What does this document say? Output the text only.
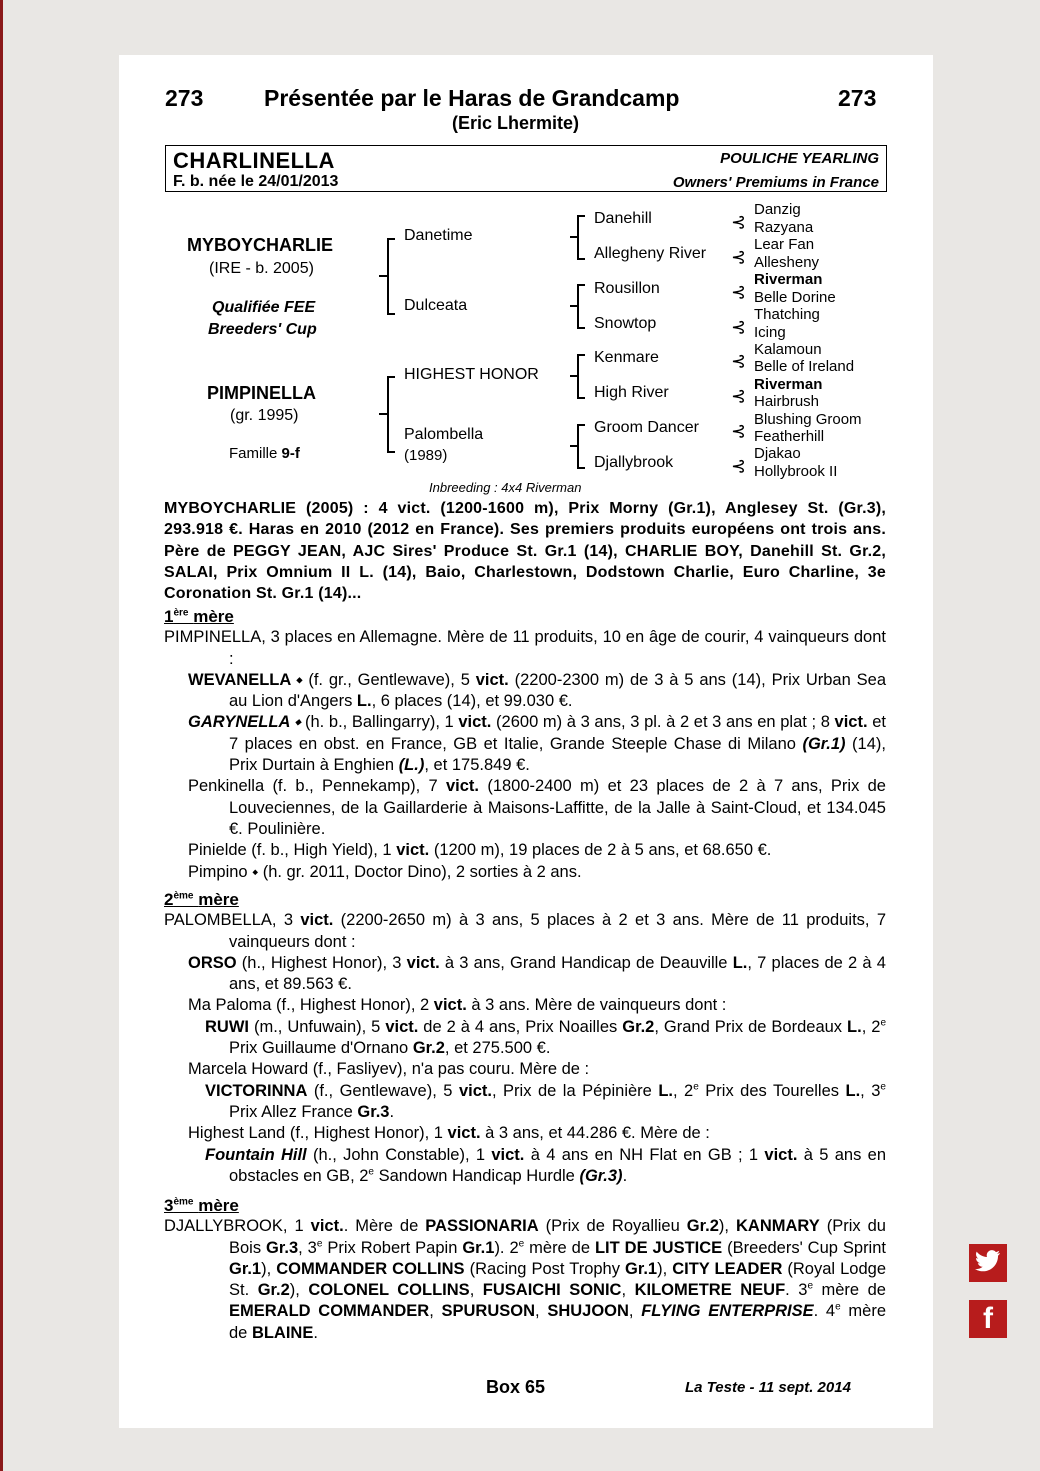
273	Présentée par le Haras de Grandcamp	273
(Eric Lhermite)
CHARLINELLA	POULICHE YEARLING
F. b. née le 24/01/2013	Owners' Premiums in France
MYBOYCHARLIE
(IRE - b. 2005)
Qualifiée FEE
Breeders' Cup
PIMPINELLA
(gr. 1995)
Famille 9-f
Danetime
Dulceata
HIGHEST HONOR
Palombella
(1989)
Danehill
Allegheny River
Rousillon
Snowtop
Kenmare
High River
Groom Dancer
Djallybrook
⊰
⊰
⊰
⊰
⊰
⊰
⊰
⊰
Danzig
Razyana
Lear Fan
Allesheny
Riverman
Belle Dorine
Thatching
Icing
Kalamoun
Belle of Ireland
Riverman
Hairbrush
Blushing Groom
Featherhill
Djakao
Hollybrook II
Inbreeding : 4x4 Riverman

MYBOYCHARLIE (2005) : 4 vict. (1200-1600 m), Prix Morny (Gr.1), Anglesey St. (Gr.3), 293.918 €. Haras en 2010 (2012 en France). Ses premiers produits européens ont trois ans. Père de PEGGY JEAN, AJC Sires' Produce St. Gr.1 (14), CHARLIE BOY, Danehill St. Gr.2, SALAI, Prix Omnium II L. (14), Baio, Charlestown, Dodstown Charlie, Euro Charline, 3e Coronation St. Gr.1 (14)...

1ère mère

PIMPINELLA, 3 places en Allemagne. Mère de 11 produits, 10 en âge de courir, 4 vainqueurs dont :

WEVANELLA ⬩ (f. gr., Gentlewave), 5 vict. (2200-2300 m) de 3 à 5 ans (14), Prix Urban Sea au Lion d'Angers L., 6 places (14), et 99.030 €.

GARYNELLA ⬩ (h. b., Ballingarry), 1 vict. (2600 m) à 3 ans, 3 pl. à 2 et 3 ans en plat ; 8 vict. et 7 places en obst. en France, GB et Italie, Grande Steeple Chase di Milano (Gr.1) (14), Prix Durtain à Enghien (L.), et 175.849 €.

Penkinella (f. b., Pennekamp), 7 vict. (1800-2400 m) et 23 places de 2 à 7 ans, Prix de Louveciennes, de la Gaillarderie à Maisons-Laffitte, de la Jalle à Saint-Cloud, et 134.045 €. Poulinière.

Pinielde (f. b., High Yield), 1 vict. (1200 m), 19 places de 2 à 5 ans, et 68.650 €.

Pimpino ⬩ (h. gr. 2011, Doctor Dino), 2 sorties à 2 ans.

2ème mère

PALOMBELLA, 3 vict. (2200-2650 m) à 3 ans, 5 places à 2 et 3 ans. Mère de 11 produits, 7 vainqueurs dont :

ORSO (h., Highest Honor), 3 vict. à 3 ans, Grand Handicap de Deauville L., 7 places de 2 à 4 ans, et 89.563 €.

Ma Paloma (f., Highest Honor), 2 vict. à 3 ans. Mère de vainqueurs dont :

RUWI (m., Unfuwain), 5 vict. de 2 à 4 ans, Prix Noailles Gr.2, Grand Prix de Bordeaux L., 2e Prix Guillaume d'Ornano Gr.2, et 275.500 €.

Marcela Howard (f., Fasliyev), n'a pas couru. Mère de :

VICTORINNA (f., Gentlewave), 5 vict., Prix de la Pépinière L., 2e Prix des Tourelles L., 3e Prix Allez France Gr.3.

Highest Land (f., Highest Honor), 1 vict. à 3 ans, et 44.286 €. Mère de :

Fountain Hill (h., John Constable), 1 vict. à 4 ans en NH Flat en GB ; 1 vict. à 5 ans en obstacles en GB, 2e Sandown Handicap Hurdle (Gr.3).

3ème mère

DJALLYBROOK, 1 vict.. Mère de PASSIONARIA (Prix de Royallieu Gr.2), KANMARY (Prix du Bois Gr.3, 3e Prix Robert Papin Gr.1). 2e mère de LIT DE JUSTICE (Breeders' Cup Sprint Gr.1), COMMANDER COLLINS (Racing Post Trophy Gr.1), CITY LEADER (Royal Lodge St. Gr.2), COLONEL COLLINS, FUSAICHI SONIC, KILOMETRE NEUF. 3e mère de EMERALD COMMANDER, SPURUSON, SHUJOON, FLYING ENTERPRISE. 4e mère de BLAINE.

Box 65	La Teste - 11 sept. 2014
f
